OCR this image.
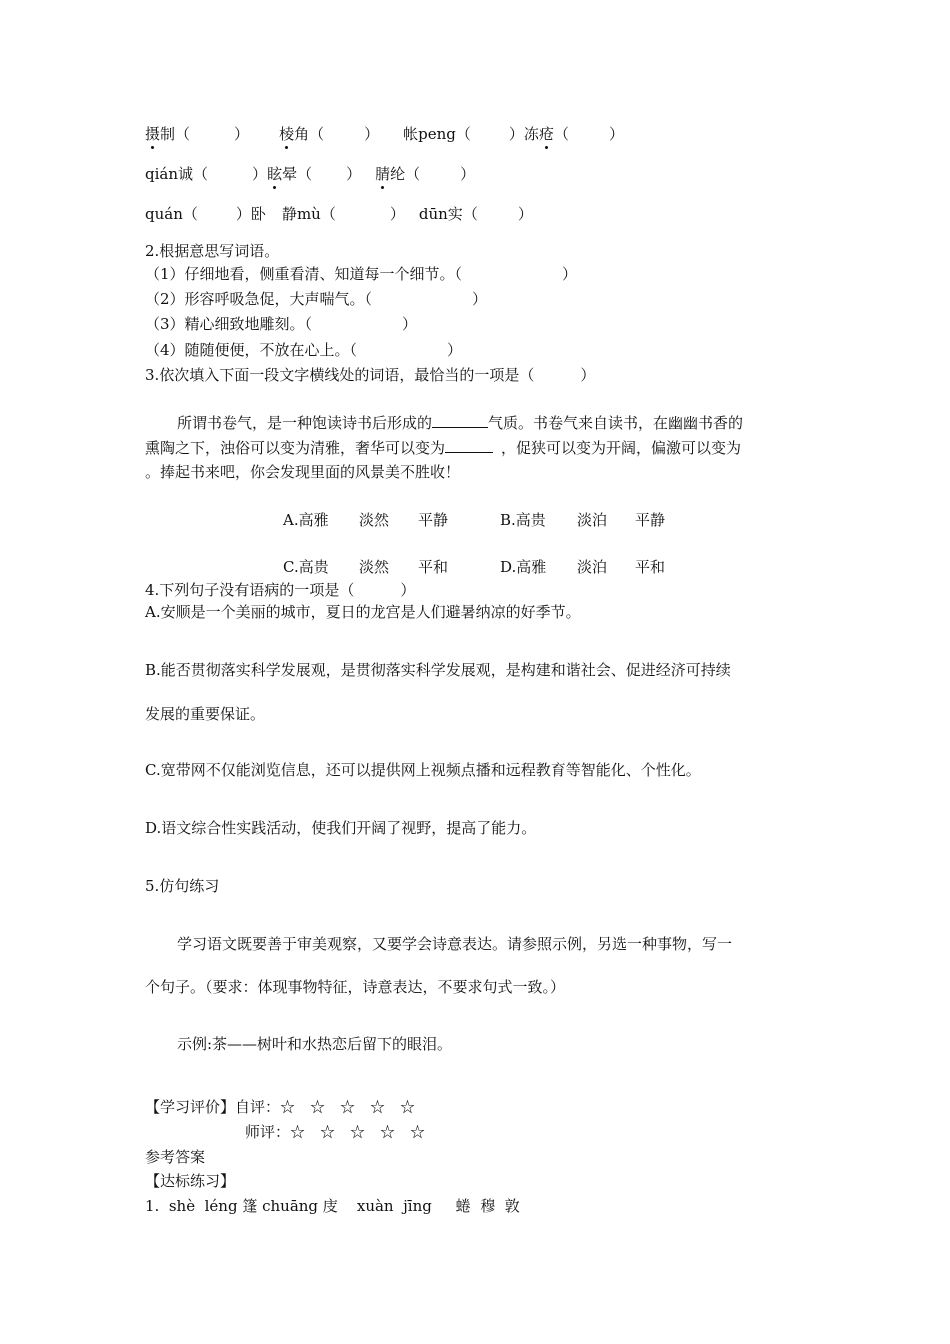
摄制（	） 棱角（	） 帐peng（	）冻疮（	）
qián诚（	）眩晕（ ） 腈纶（	）
quán（	）卧 静mù（	） dūn实（	）
2.根据意思写词语。
（1）仔细地看，侧重看清、知道每一个细节。（	）
（2）形容呼吸急促，大声喘气。（	）
（3）精心细致地雕刻。（	）
（4）随随便便，不放在心上。（	）
3.依次填入下面一段文字横线处的词语，最恰当的一项是（	）
所谓书卷气，是一种饱读诗书后形成的	气质。书卷气来自读书，在幽幽书香的
熏陶之下，浊俗可以变为清雅，奢华可以变为	，促狭可以变为开阔，偏激可以变为
。捧起书来吧，你会发现里面的风景美不胜收！
A.高雅 淡然 平静	B.高贵 淡泊 平静
C.高贵 淡然 平和	D.高雅 淡泊 平和
4.下列句子没有语病的一项是（	）
A.安顺是一个美丽的城市，夏日的龙宫是人们避暑纳凉的好季节。
B.能否贯彻落实科学发展观，是贯彻落实科学发展观，是构建和谐社会、促进经济可持续
发展的重要保证。
C.宽带网不仅能浏览信息，还可以提供网上视频点播和远程教育等智能化、个性化。
D.语文综合性实践活动，使我们开阔了视野，提高了能力。
5.仿句练习
学习语文既要善于审美观察，又要学会诗意表达。请参照示例，另选一种事物，写一
个句子。（要求：体现事物特征，诗意表达，不要求句式一致。）
示例:茶——树叶和水热恋后留下的眼泪。
【学习评价】自评：☆　☆　☆　☆　☆
师评：☆　☆　☆　☆　☆
参考答案
【达标练习】
1.  shè  léng 篷 chuāng 庋    xuàn  jīng     蜷  穆  敦
